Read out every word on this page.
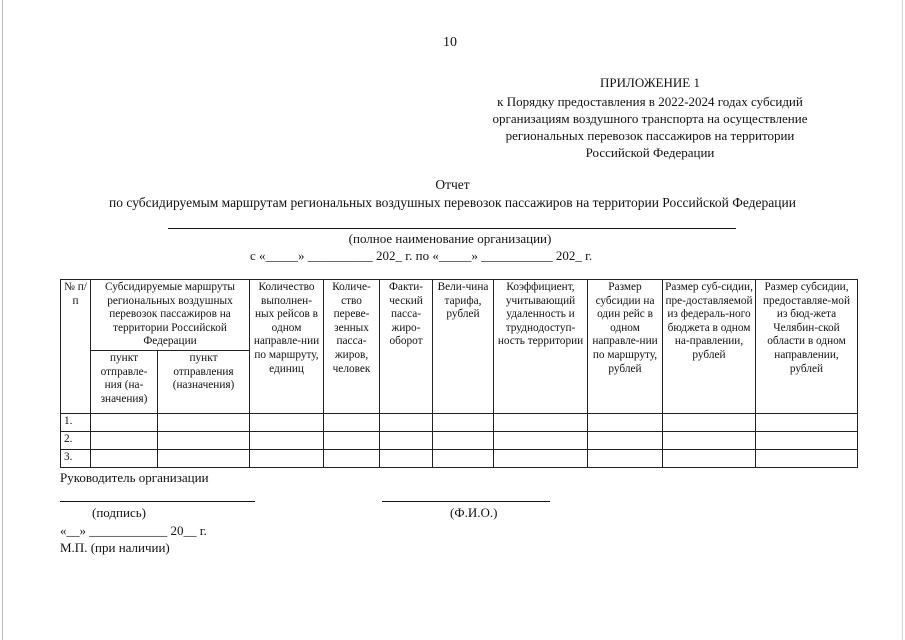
10
ПРИЛОЖЕНИЕ 1
к Порядку предоставления в 2022-2024 годах субсидий
организациям воздушного транспорта на осуществление
региональных перевозок пассажиров на территории
Российской Федерации
Отчет
по субсидируемым маршрутам региональных воздушных перевозок пассажиров на территории Российской Федерации
(полное наименование организации)
с «_____» __________ 202_ г. по «_____» ___________ 202_ г.
№ п/п	Субсидируемые маршруты региональных воздушных перевозок пассажиров на территории Российской Федерации		Количество выполнен-ных рейсов в одном направле-нии по маршруту, единиц	Количе-ство переве-зенных пасса-жиров, человек	Факти-ческий пасса-жиро-оборот	Вели-чина тарифа, рублей	Коэффициент, учитывающий удаленность и труднодоступ-ность территории	Размер субсидии на один рейс в одном направле-нии по маршруту, рублей	Размер суб-сидии, пре-доставляемой из федераль-ного бюджета в одном на-правлении, рублей	Размер субсидии, предоставляе-мой из бюд-жета Челябин-ской области в одном направлении, рублей
	пункт отправле-ния (на-значения)	пункт отправления (назначения)								
1.										
2.										
3.										
Руководитель организации
(подпись)	(Ф.И.О.)
«__» ____________ 20__ г.
М.П. (при наличии)
